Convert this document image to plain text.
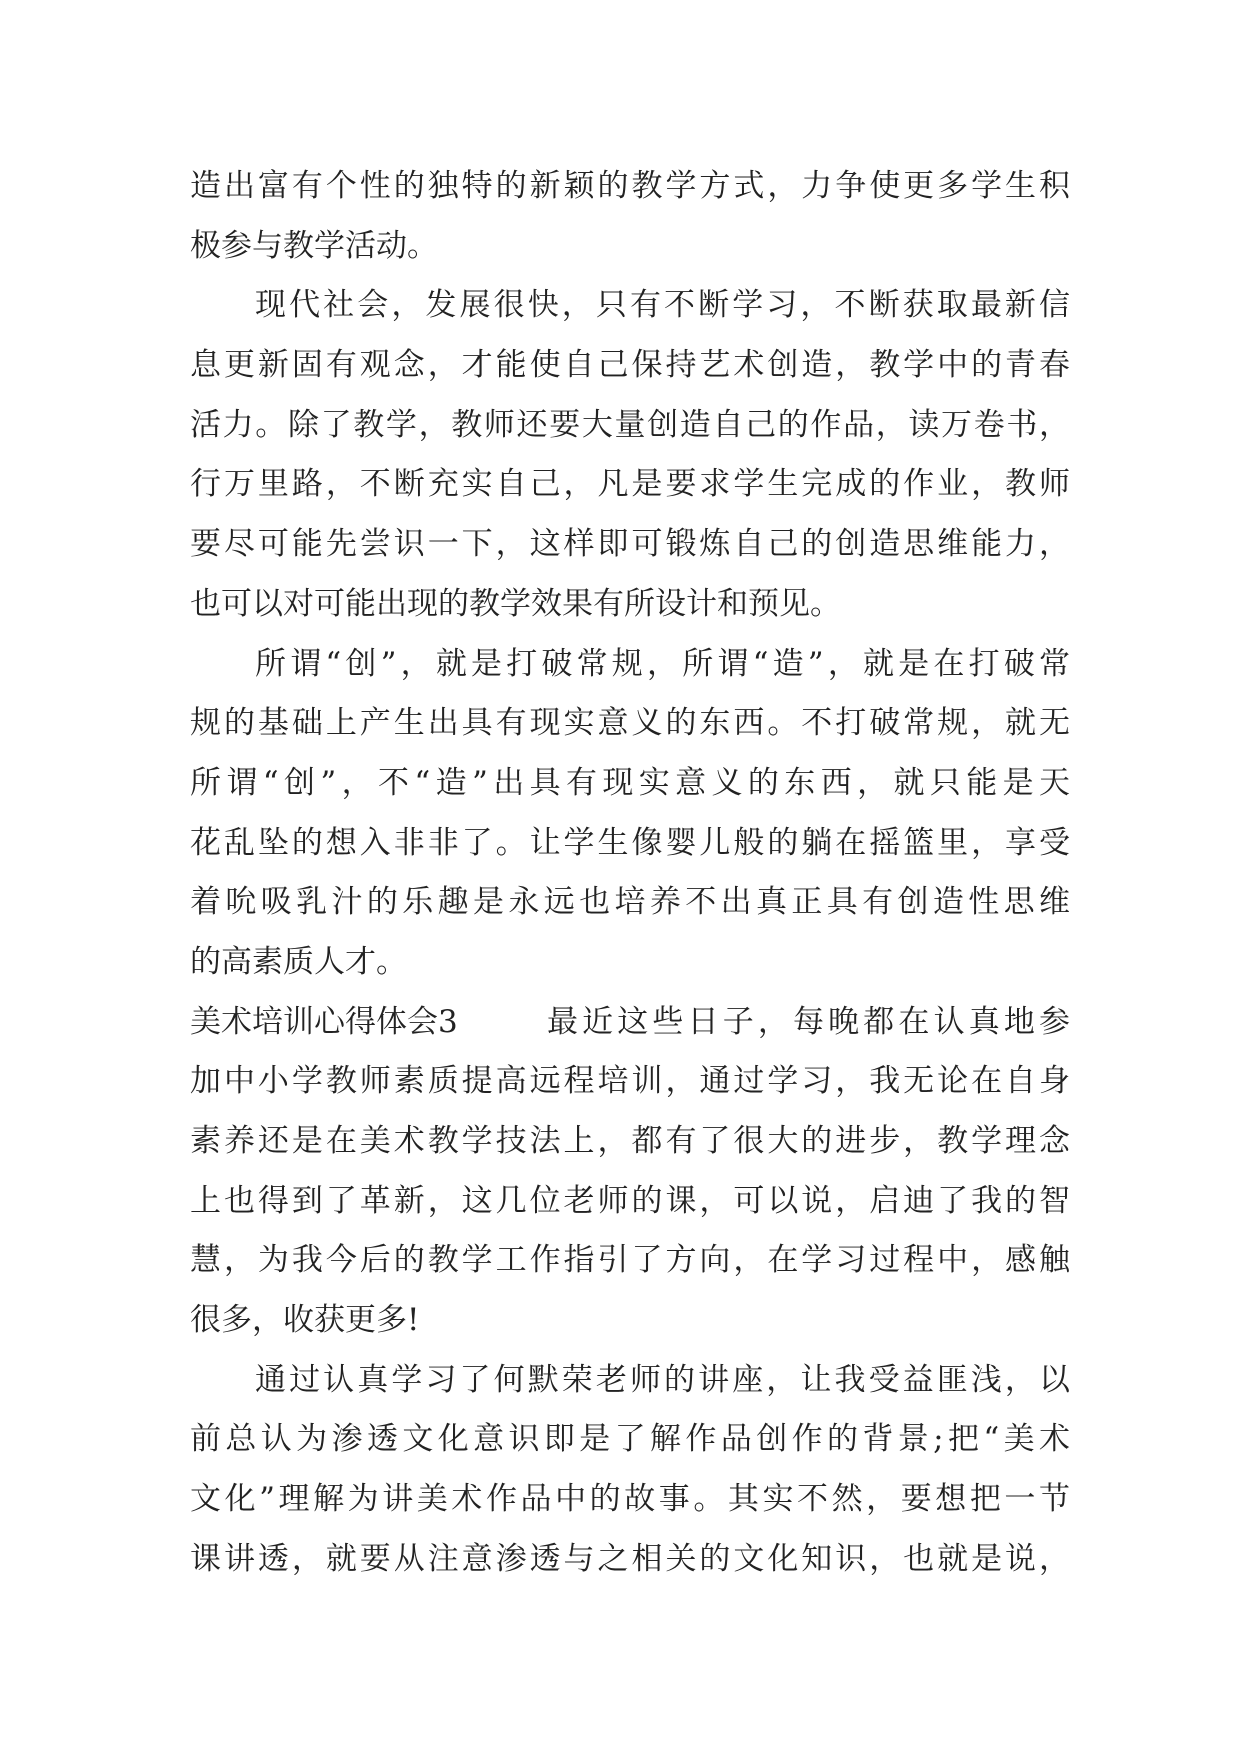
造出富有个性的独特的新颖的教学方式，力争使更多学生积
极参与教学活动。
现代社会，发展很快，只有不断学习，不断获取最新信
息更新固有观念，才能使自己保持艺术创造，教学中的青春
活力。除了教学，教师还要大量创造自己的作品，读万卷书，
行万里路，不断充实自己，凡是要求学生完成的作业，教师
要尽可能先尝识一下，这样即可锻炼自己的创造思维能力，
也可以对可能出现的教学效果有所设计和预见。
所谓“创”，就是打破常规，所谓“造”，就是在打破常
规的基础上产生出具有现实意义的东西。不打破常规，就无
所谓“创”，不“造”出具有现实意义的东西，就只能是天
花乱坠的想入非非了。让学生像婴儿般的躺在摇篮里，享受
着吮吸乳汁的乐趣是永远也培养不出真正具有创造性思维
的高素质人才。
美术培训心得体会3	最近这些日子，每晚都在认真地参
加中小学教师素质提高远程培训，通过学习，我无论在自身
素养还是在美术教学技法上，都有了很大的进步，教学理念
上也得到了革新，这几位老师的课，可以说，启迪了我的智
慧，为我今后的教学工作指引了方向，在学习过程中，感触
很多，收获更多!
通过认真学习了何默荣老师的讲座，让我受益匪浅，以
前总认为渗透文化意识即是了解作品创作的背景;把“美术
文化”理解为讲美术作品中的故事。其实不然，要想把一节
课讲透，就要从注意渗透与之相关的文化知识，也就是说，
